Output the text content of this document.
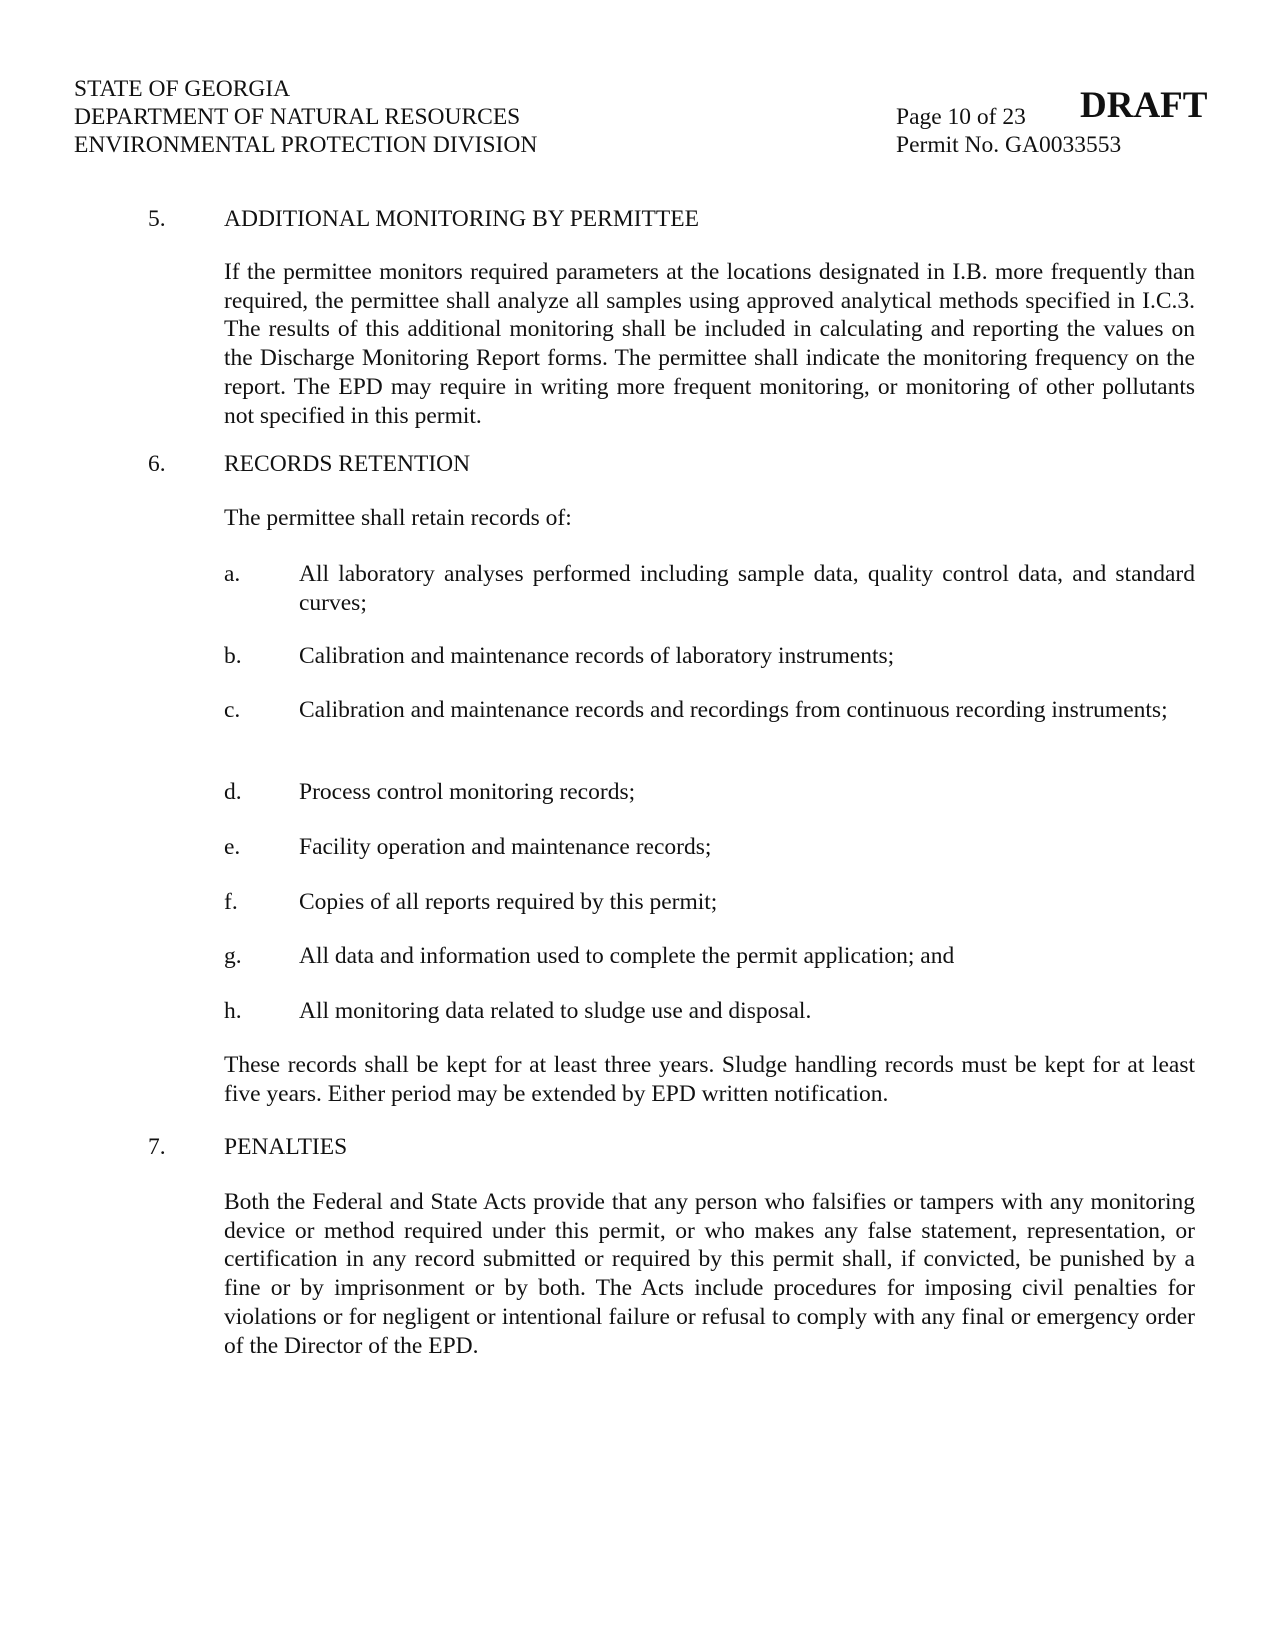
STATE OF GEORGIA
DEPARTMENT OF NATURAL RESOURCES
ENVIRONMENTAL PROTECTION DIVISION
Page 10 of 23
Permit No. GA0033553
DRAFT
5. ADDITIONAL MONITORING BY PERMITTEE
If the permittee monitors required parameters at the locations designated in I.B. more frequently than required, the permittee shall analyze all samples using approved analytical methods specified in I.C.3. The results of this additional monitoring shall be included in calculating and reporting the values on the Discharge Monitoring Report forms. The permittee shall indicate the monitoring frequency on the report. The EPD may require in writing more frequent monitoring, or monitoring of other pollutants not specified in this permit.
6. RECORDS RETENTION
The permittee shall retain records of:
a. All laboratory analyses performed including sample data, quality control data, and standard curves;
b. Calibration and maintenance records of laboratory instruments;
c. Calibration and maintenance records and recordings from continuous recording instruments;
d. Process control monitoring records;
e. Facility operation and maintenance records;
f.	Copies of all reports required by this permit;
g. All data and information used to complete the permit application; and
h. All monitoring data related to sludge use and disposal.
These records shall be kept for at least three years. Sludge handling records must be kept for at least five years. Either period may be extended by EPD written notification.
7. PENALTIES
Both the Federal and State Acts provide that any person who falsifies or tampers with any monitoring device or method required under this permit, or who makes any false statement, representation, or certification in any record submitted or required by this permit shall, if convicted, be punished by a fine or by imprisonment or by both. The Acts include procedures for imposing civil penalties for violations or for negligent or intentional failure or refusal to comply with any final or emergency order of the Director of the EPD.
